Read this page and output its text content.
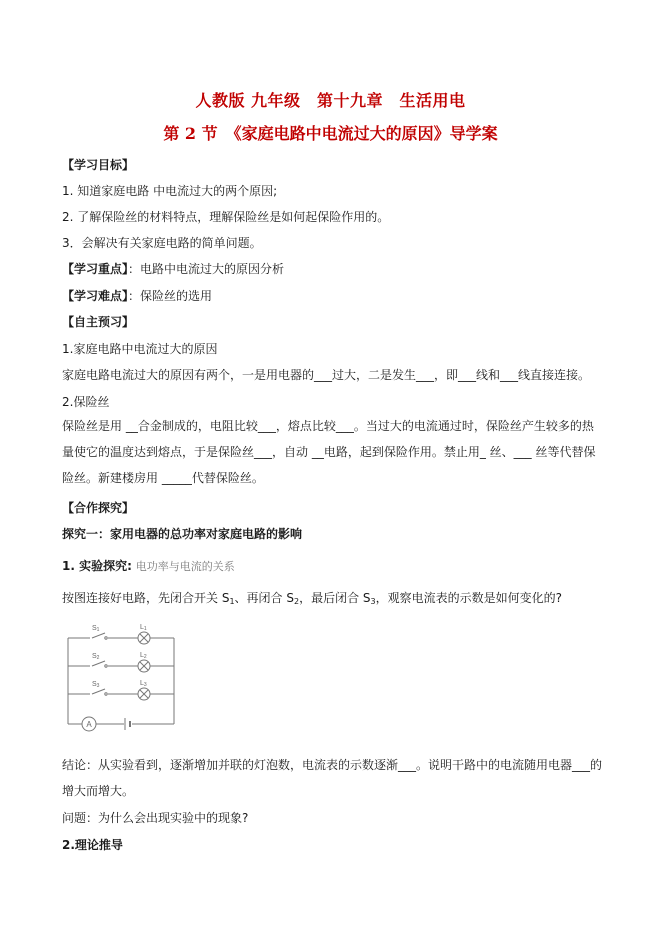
人教版 九年级　第十九章　生活用电
第 2 节　《家庭电路中电流过大的原因》导学案
【学习目标】
1. 知道家庭电路 中电流过大的两个原因;
2. 了解保险丝的材料特点，理解保险丝是如何起保险作用的。
3．会解决有关家庭电路的简单问题。
【学习重点】：电路中电流过大的原因分析
【学习难点】：保险丝的选用
【自主预习】
1.家庭电路中电流过大的原因
家庭电路电流过大的原因有两个，一是用电器的___过大，二是发生___，即___线和___线直接连接。
2.保险丝
保险丝是用 __合金制成的，电阻比较___，熔点比较___。当过大的电流通过时，保险丝产生较多的热量使它的温度达到熔点，于是保险丝___，自动 __电路，起到保险作用。禁止用_ 丝、___ 丝等代替保险丝。新建楼房用 _____代替保险丝。
【合作探究】
探究一：家用电器的总功率对家庭电路的影响
1. 实验探究: 电功率与电流的关系
按图连接好电路，先闭合开关 $S_1$、再闭合 $S_2$，最后闭合 $S_3$，观察电流表的示数是如何变化的?
A
S1
S2
S3
L1
L2
L3
结论：从实验看到，逐渐增加并联的灯泡数，电流表的示数逐渐___。说明干路中的电流随用电器___的增大而增大。
问题：为什么会出现实验中的现象?
2.理论推导
